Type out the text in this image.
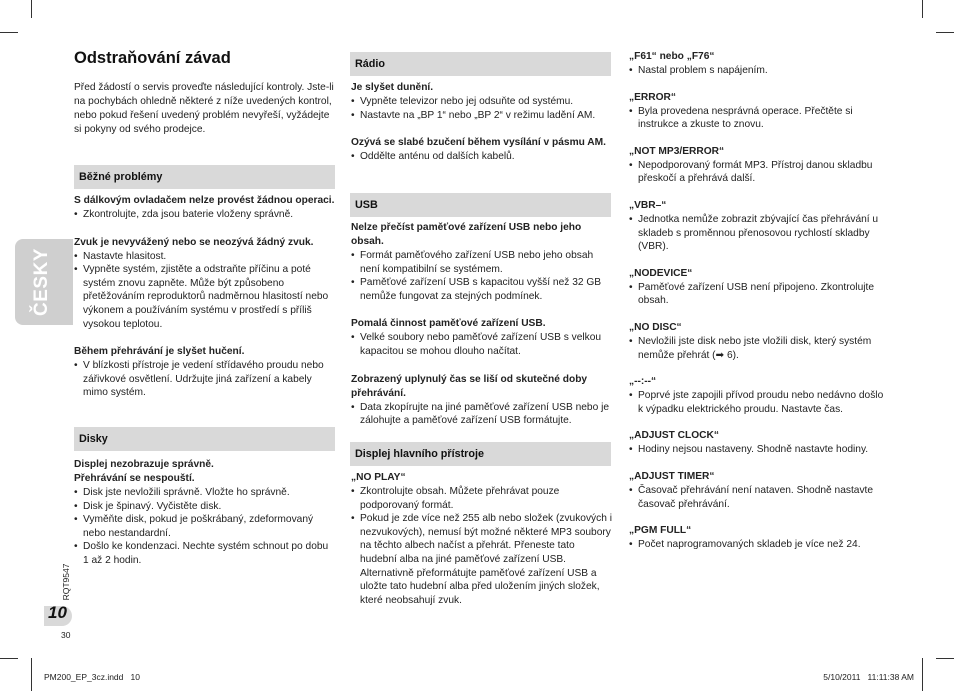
ČESKY
Odstraňování závad
Před žádostí o servis proveďte následující kontroly. Jste-li na pochybách ohledně některé z níže uvedených kontrol, nebo pokud řešení uvedený problém nevyřeší, vyžádejte si pokyny od svého prodejce.
Běžné problémy
S dálkovým ovladačem nelze provést žádnou operaci.
• Zkontrolujte, zda jsou baterie vloženy správně.
Zvuk je nevyvážený nebo se neozývá žádný zvuk.
• Nastavte hlasitost.
• Vypněte systém, zjistěte a odstraňte příčinu a poté systém znovu zapněte. Může být způsobeno přetěžováním reproduktorů nadměrnou hlasitostí nebo výkonem a používáním systému v prostředí s příliš vysokou teplotou.
Během přehrávání je slyšet hučení.
• V blízkosti přístroje je vedení střídavého proudu nebo zářivkové osvětlení. Udržujte jiná zařízení a kabely mimo systém.
Disky
Displej nezobrazuje správně.
Přehrávání se nespouští.
• Disk jste nevložili správně. Vložte ho správně.
• Disk je špinavý. Vyčistěte disk.
• Vyměňte disk, pokud je poškrábaný, zdeformovaný nebo nestandardní.
• Došlo ke kondenzaci. Nechte systém schnout po dobu 1 až 2 hodin.
RQT9547
10
30
Rádio
Je slyšet dunění.
• Vypněte televizor nebo jej odsuňte od systému.
• Nastavte na „BP 1“ nebo „BP 2“ v režimu ladění AM.
Ozývá se slabé bzučení během vysílání v pásmu AM.
• Oddělte anténu od dalších kabelů.
USB
Nelze přečíst paměťové zařízení USB nebo jeho obsah.
• Formát paměťového zařízení USB nebo jeho obsah není kompatibilní se systémem.
• Paměťové zařízení USB s kapacitou vyšší než 32 GB nemůže fungovat za stejných podmínek.
Pomalá činnost paměťové zařízení USB.
• Velké soubory nebo paměťové zařízení USB s velkou kapacitou se mohou dlouho načítat.
Zobrazený uplynulý čas se liší od skutečné doby přehrávání.
• Data zkopírujte na jiné paměťové zařízení USB nebo je zálohujte a paměťové zařízení USB formátujte.
Displej hlavního přístroje
„NO PLAY“
• Zkontrolujte obsah. Můžete přehrávat pouze podporovaný formát.
• Pokud je zde více než 255 alb nebo složek (zvukových i nezvukových), nemusí být možné některé MP3 soubory na těchto albech načíst a přehrát. Přeneste tato hudební alba na jiné paměťové zařízení USB. Alternativně přeformátujte paměťové zařízení USB a uložte tato hudební alba před uložením jiných složek, které neobsahují zvuk.
„F61“ nebo „F76“
• Nastal problem s napájením.
„ERROR“
• Byla provedena nesprávná operace. Přečtěte si instrukce a zkuste to znovu.
„NOT MP3/ERROR“
• Nepodporovaný formát MP3. Přístroj danou skladbu přeskočí a přehrává další.
„VBR–“
• Jednotka nemůže zobrazit zbývající čas přehrávání u skladeb s proměnnou přenosovou rychlostí skladby (VBR).
„NODEVICE“
• Paměťové zařízení USB není připojeno. Zkontrolujte obsah.
„NO DISC“
• Nevložili jste disk nebo jste vložili disk, který systém nemůže přehrát (➡ 6).
„--:--“
• Poprvé jste zapojili přívod proudu nebo nedávno došlo k výpadku elektrického proudu. Nastavte čas.
„ADJUST CLOCK“
• Hodiny nejsou nastaveny. Shodně nastavte hodiny.
„ADJUST TIMER“
• Časovač přehrávání není nataven. Shodně nastavte časovač přehrávání.
„PGM FULL“
• Počet naprogramovaných skladeb je více než 24.
PM200_EP_3cz.indd   10	5/10/2011   11:11:38 AM
